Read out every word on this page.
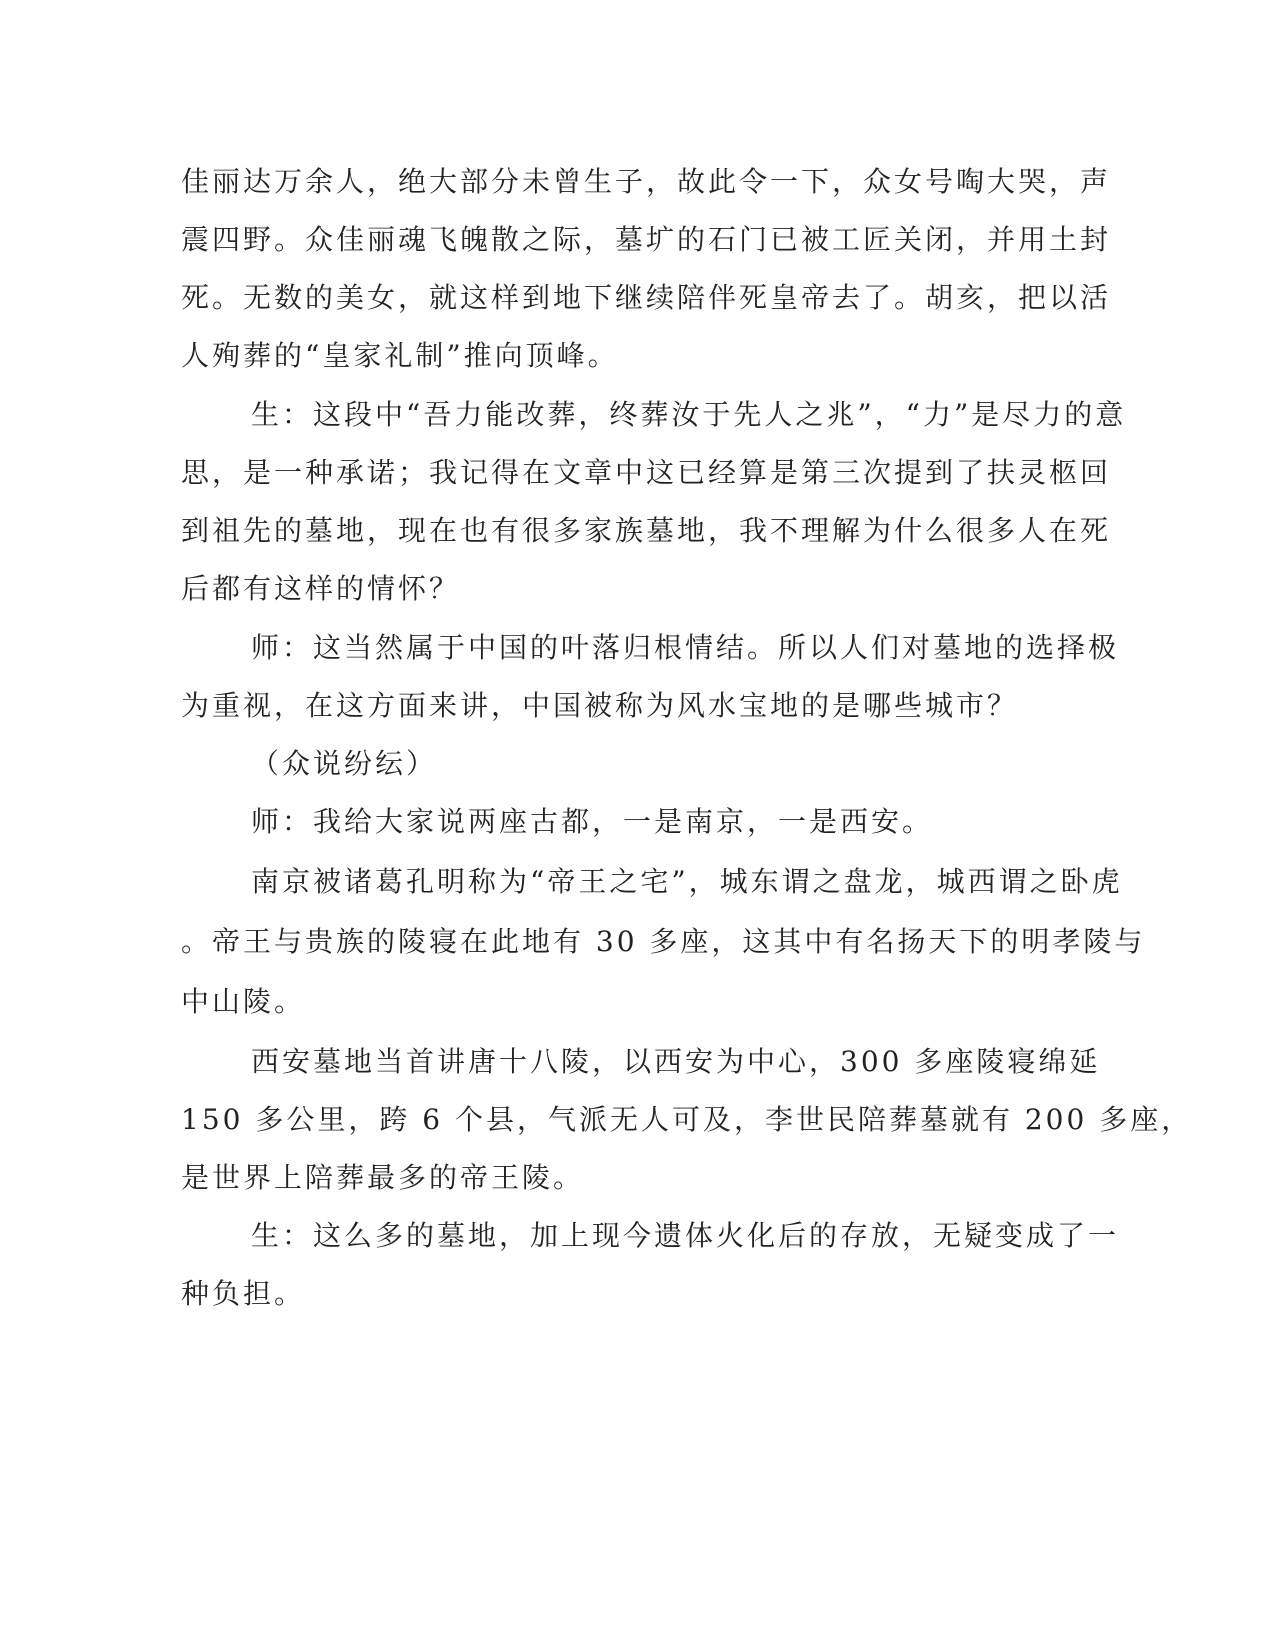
佳丽达万余人，绝大部分未曾生子，故此令一下，众女号啕大哭，声

震四野。众佳丽魂飞魄散之际，墓圹的石门已被工匠关闭，并用土封

死。无数的美女，就这样到地下继续陪伴死皇帝去了。胡亥，把以活

人殉葬的“皇家礼制”推向顶峰。

生：这段中“吾力能改葬，终葬汝于先人之兆”，“力”是尽力的意

思，是一种承诺；我记得在文章中这已经算是第三次提到了扶灵柩回

到祖先的墓地，现在也有很多家族墓地，我不理解为什么很多人在死

后都有这样的情怀？

师：这当然属于中国的叶落归根情结。所以人们对墓地的选择极

为重视，在这方面来讲，中国被称为风水宝地的是哪些城市？

（众说纷纭）

师：我给大家说两座古都，一是南京，一是西安。

南京被诸葛孔明称为“帝王之宅”，城东谓之盘龙，城西谓之卧虎

。帝王与贵族的陵寝在此地有 30 多座，这其中有名扬天下的明孝陵与

中山陵。

西安墓地当首讲唐十八陵，以西安为中心，300 多座陵寝绵延

150 多公里，跨 6 个县，气派无人可及，李世民陪葬墓就有 200 多座，

是世界上陪葬最多的帝王陵。

生：这么多的墓地，加上现今遗体火化后的存放，无疑变成了一

种负担。
